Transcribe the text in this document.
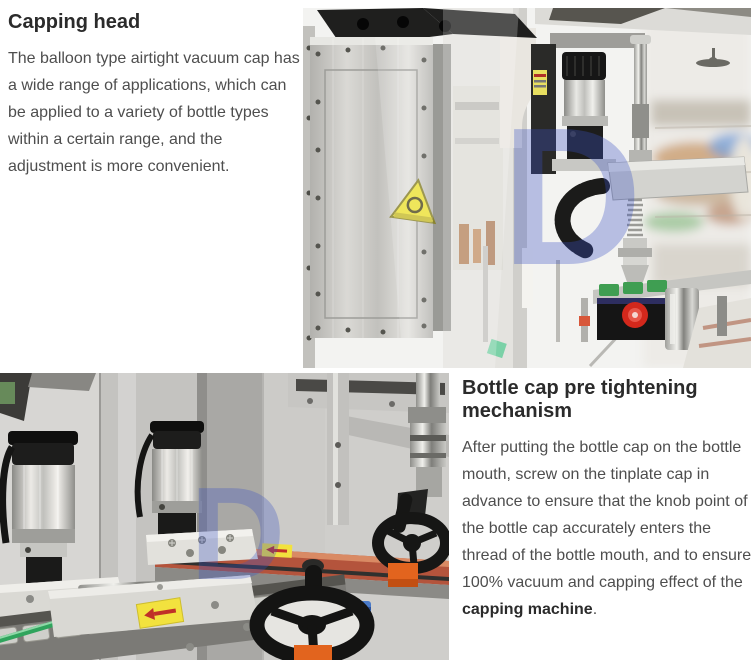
Capping head

The balloon type airtight vacuum cap has a wide range of applications, which can be applied to a variety of bottle types within a certain range, and the adjustment is more convenient.	D
D
Bottle cap pre tightening mechanism

After putting the bottle cap on the bottle mouth, screw on the tinplate cap in advance to ensure that the knob point of the bottle cap accurately enters the thread of the bottle mouth, and to ensure 100% vacuum and capping effect of the capping machine.
